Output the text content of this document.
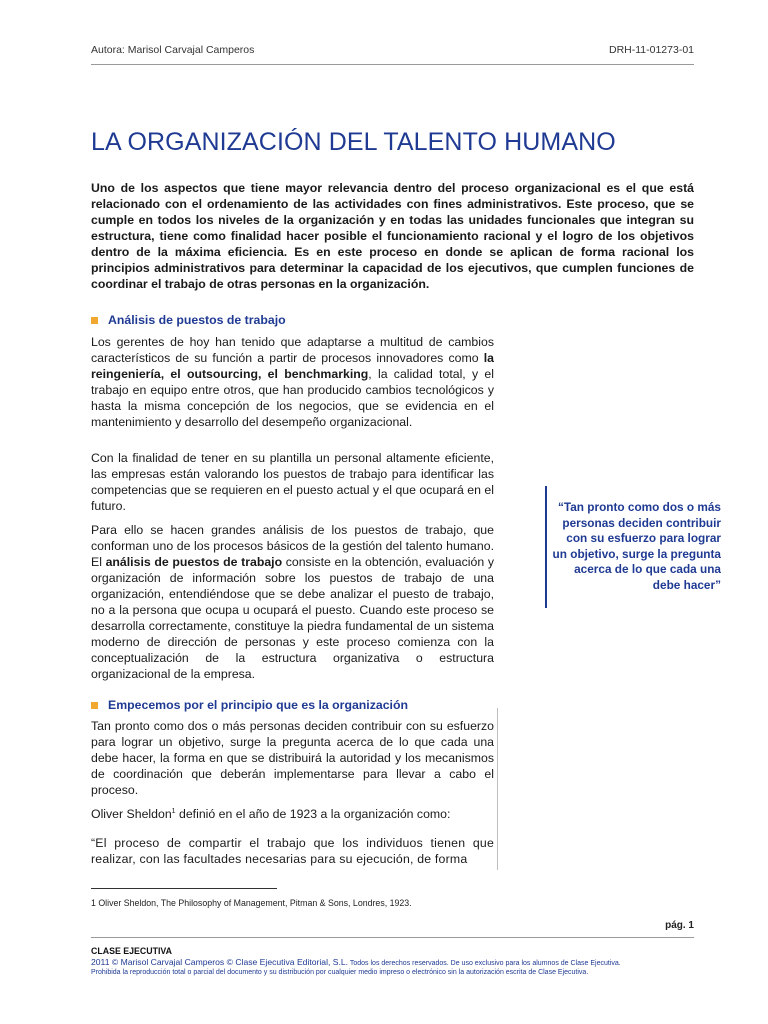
Autora: Marisol Carvajal Camperos	DRH-11-01273-01
LA ORGANIZACIÓN DEL TALENTO HUMANO

Uno de los aspectos que tiene mayor relevancia dentro del proceso organizacional es el que está relacionado con el ordenamiento de las actividades con fines administrativos. Este proceso, que se cumple en todos los niveles de la organización y en todas las unidades funcionales que integran su estructura, tiene como finalidad hacer posible el funcionamiento racional y el logro de los objetivos dentro de la máxima eficiencia. Es en este proceso en donde se aplican de forma racional los principios administrativos para determinar la capacidad de los ejecutivos, que cumplen funciones de coordinar el trabajo de otras personas en la organización.

Análisis de puestos de trabajo

Los gerentes de hoy han tenido que adaptarse a multitud de cambios característicos de su función a partir de procesos innovadores como la reingeniería, el outsourcing, el benchmarking, la calidad total, y el trabajo en equipo entre otros, que han producido cambios tecnológicos y hasta la misma concepción de los negocios, que se evidencia en el mantenimiento y desarrollo del desempeño organizacional.

Con la finalidad de tener en su plantilla un personal altamente eficiente, las empresas están valorando los puestos de trabajo para identificar las competencias que se requieren en el puesto actual y el que ocupará en el futuro.

Para ello se hacen grandes análisis de los puestos de trabajo, que conforman uno de los procesos básicos de la gestión del talento humano. El análisis de puestos de trabajo consiste en la obtención, evaluación y organización de información sobre los puestos de trabajo de una organización, entendiéndose que se debe analizar el puesto de trabajo, no a la persona que ocupa u ocupará el puesto. Cuando este proceso se desarrolla correctamente, constituye la piedra fundamental de un sistema moderno de dirección de personas y este proceso comienza con la conceptualización de la estructura organizativa o estructura organizacional de la empresa.

Empecemos por el principio que es la organización

Tan pronto como dos o más personas deciden contribuir con su esfuerzo para lograr un objetivo, surge la pregunta acerca de lo que cada una debe hacer, la forma en que se distribuirá la autoridad y los mecanismos de coordinación que deberán implementarse para llevar a cabo el proceso.

Oliver Sheldon$^1$ definió en el año de 1923 a la organización como:

“El proceso de compartir el trabajo que los individuos tienen que realizar, con las facultades necesarias para su ejecución, de forma

“Tan pronto como dos o más personas deciden contribuir con su esfuerzo para lograr un objetivo, surge la pregunta acerca de lo que cada una debe hacer”

1 Oliver Sheldon, The Philosophy of Management, Pitman & Sons, Londres, 1923.
pág. 1
CLASE EJECUTIVA
2011 © Marisol Carvajal Camperos © Clase Ejecutiva Editorial, S.L. Todos los derechos reservados. De uso exclusivo para los alumnos de Clase Ejecutiva.
Prohibida la reproducción total o parcial del documento y su distribución por cualquier medio impreso o electrónico sin la autorización escrita de Clase Ejecutiva.
